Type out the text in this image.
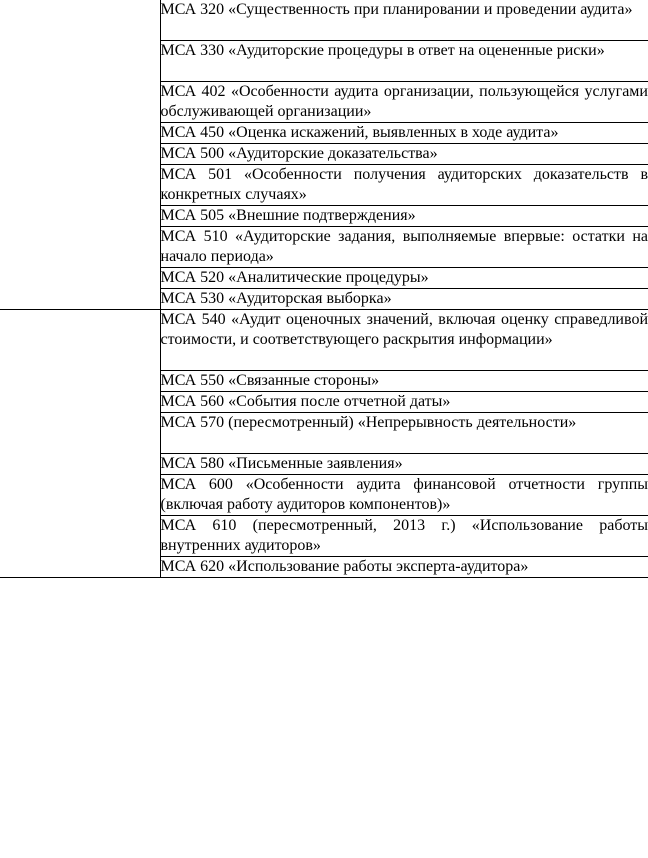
	МСА 320 «Существенность при планировании и проведении аудита»
	МСА 330 «Аудиторские процедуры в ответ на оцененные риски»
	МСА 402 «Особенности аудита организации, пользующейся услугами обслуживающей организации»
	МСА 450 «Оценка искажений, выявленных в ходе аудита»
	МСА 500 «Аудиторские доказательства»
	МСА 501 «Особенности получения аудиторских доказательств в конкретных случаях»
	МСА 505 «Внешние подтверждения»
	МСА 510 «Аудиторские задания, выполняемые впервые: остатки на начало периода»
	МСА 520 «Аналитические процедуры»
	МСА 530 «Аудиторская выборка»
	МСА 540 «Аудит оценочных значений, включая оценку справедливой стоимости, и соответствующего раскрытия информации»
	МСА 550 «Связанные стороны»
	МСА 560 «События после отчетной даты»
	МСА 570 (пересмотренный) «Непрерывность деятельности»
	МСА 580 «Письменные заявления»
	МСА 600 «Особенности аудита финансовой отчетности группы (включая работу аудиторов компонентов)»
	МСА 610 (пересмотренный, 2013 г.) «Использование работы внутренних аудиторов»
	МСА 620 «Использование работы эксперта-аудитора»
